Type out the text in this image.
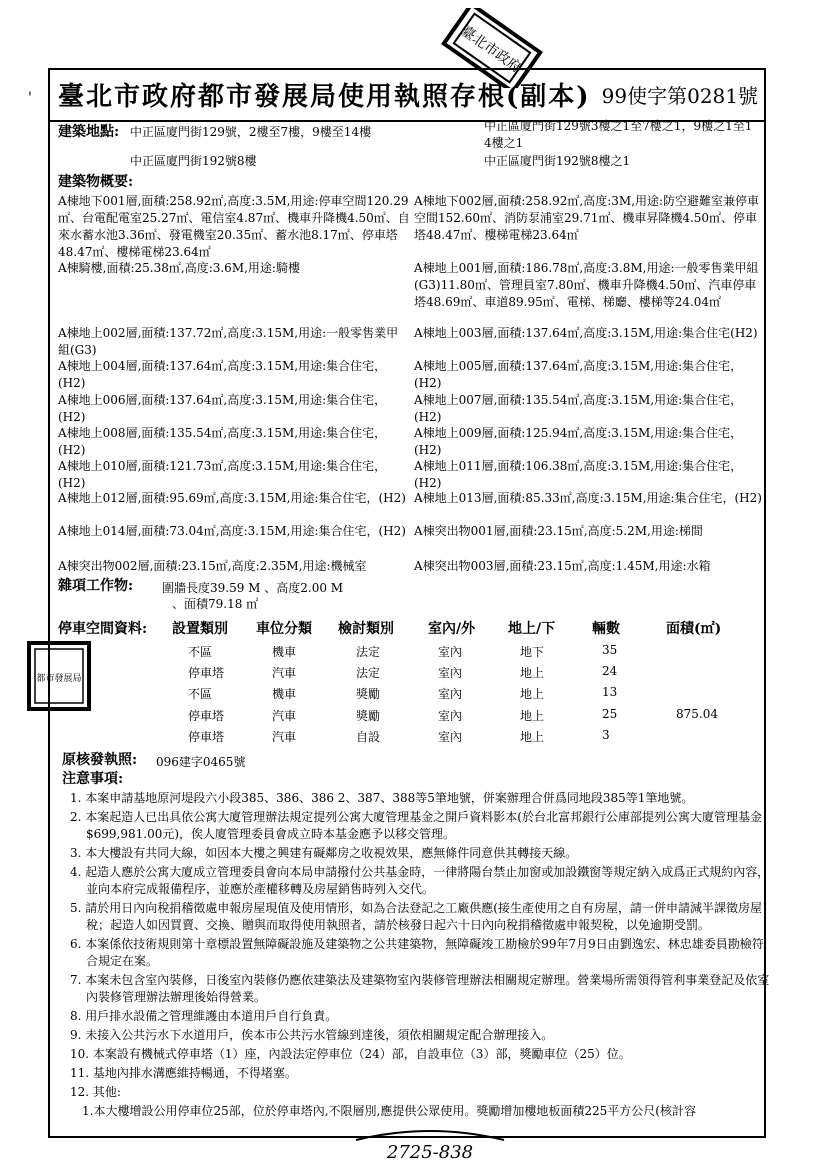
'
臺北市政府
臺北市政府都市發展局使用執照存根(副本) 99使字第0281號
建築地點: 中正區廈門街129號，2樓至7樓，9樓至14樓
中正區廈門街192號8樓
中正區廈門街129號3樓之1至7樓之1，9樓之1至1
4樓之1
中正區廈門街192號8樓之1
建築物概要:
A棟地下001層,面積:258.92㎡,高度:3.5M,用途:停車空間120.29㎡、台電配電室25.27㎡、電信室4.87㎡、機車升降機4.50㎡、自來水蓄水池3.36㎡、發電機室20.35㎡、蓄水池8.17㎡、停車塔48.47㎡、樓梯電梯23.64㎡
A棟地下002層,面積:258.92㎡,高度:3M,用途:防空避難室兼停車空間152.60㎡、消防泵浦室29.71㎡、機車昇降機4.50㎡、停車塔48.47㎡、樓梯電梯23.64㎡
A棟騎樓,面積:25.38㎡,高度:3.6M,用途:騎樓	A棟地上001層,面積:186.78㎡,高度:3.8M,用途:一般零售業甲組(G3)11.80㎡、管理員室7.80㎡、機車升降機4.50㎡、汽車停車塔48.69㎡、車道89.95㎡、電梯、梯廳、樓梯等24.04㎡
A棟地上002層,面積:137.72㎡,高度:3.15M,用途:一般零售業甲組(G3)
A棟地上003層,面積:137.64㎡,高度:3.15M,用途:集合住宅(H2)
A棟地上004層,面積:137.64㎡,高度:3.15M,用途:集合住宅，(H2)
A棟地上005層,面積:137.64㎡,高度:3.15M,用途:集合住宅，(H2)
A棟地上006層,面積:137.64㎡,高度:3.15M,用途:集合住宅，(H2)
A棟地上007層,面積:135.54㎡,高度:3.15M,用途:集合住宅，(H2)
A棟地上008層,面積:135.54㎡,高度:3.15M,用途:集合住宅，(H2)
A棟地上009層,面積:125.94㎡,高度:3.15M,用途:集合住宅，(H2)
A棟地上010層,面積:121.73㎡,高度:3.15M,用途:集合住宅，(H2)
A棟地上011層,面積:106.38㎡,高度:3.15M,用途:集合住宅，(H2)
A棟地上012層,面積:95.69㎡,高度:3.15M,用途:集合住宅，(H2) A棟地上013層,面積:85.33㎡,高度:3.15M,用途:集合住宅，(H2)
A棟地上014層,面積:73.04㎡,高度:3.15M,用途:集合住宅，(H2) A棟突出物001層,面積:23.15㎡,高度:5.2M,用途:梯間
A棟突出物002層,面積:23.15㎡,高度:2.35M,用途:機械室	A棟突出物003層,面積:23.15㎡,高度:1.45M,用途:水箱
雜項工作物: 圍牆長度39.59 M 、高度2.00 M
、面積79.18 ㎡
停車空間資料: 設置類別 車位分類 檢討類別 室內/外 地上/下	輛數	面積(㎡)
不區	機車	法定	室內	地下	35
停車塔	汽車	法定	室內	地上	24
不區	機車	獎勵	室內	地上	13
停車塔	汽車	獎勵	室內	地上	25	875.04
停車塔	汽車	自設	室內	地上	3
都市發展局
原核發執照: 096建字0465號
注意事項:
1. 本案申請基地原河堤段六小段385、386、386 2、387、388等5筆地號，併案辦理合併爲同地段385等1筆地號。
2. 本案起造人已出具依公寓大廈管理辦法規定提列公寓大廈管理基金之開戶資料影本(於台北富邦銀行公庫部提列公寓大廈管理基金$699,981.00元)，俟人廈管理委員會成立時本基金應予以移交管理。
3. 本大樓設有共同大線，如因本大樓之興建有礙鄰房之收視效果，應無條件同意供其轉接天線。
4. 起造人應於公寓大廈成立管理委員會向本局申請撥付公共基金時，一律將陽台禁止加窗或加設鐵窗等規定納入成爲正式規約內容，並向本府完成報備程序，並應於產權移轉及房屋銷售時列入交代。
5. 請於用日內向稅捐稽徵處申報房屋現值及使用情形，如為合法登記之工廠供應(接生產使用之自有房屋，請一併申請減半課徵房屋稅；起造人如因買賣、交換、贈與而取得使用執照者，請於核發日起六十日內向稅捐稽徵處申報契稅，以免逾期受罰。
6. 本案係依技術規則第十章標設置無障礙設施及建築物之公共建築物，無障礙竣工勘檢於99年7月9日由劉逸宏、林忠雄委員勘檢符合規定在案。
7. 本案未包含室內裝修，日後室內裝修仍應依建築法及建築物室內裝修管理辦法相關規定辦理。營業場所需領得管利事業登記及依室內裝修管理辦法辦理後始得營業。
8. 用戶排水設備之管理維護由本道用戶自行負責。
9. 未接入公共污水下水道用戶，俟本市公共污水管線到達後，須依相關規定配合辦理接入。
10. 本案設有機械式停車塔（1）座，內設法定停車位（24）部，自設車位（3）部，獎勵車位（25）位。
11. 基地內排水溝應維持暢通，不得堵塞。
12. 其他:
1.本大樓增設公用停車位25部，位於停車塔內,不限層別,應提供公眾使用。獎勵增加樓地板面積225平方公尺(核計容
2725-838
